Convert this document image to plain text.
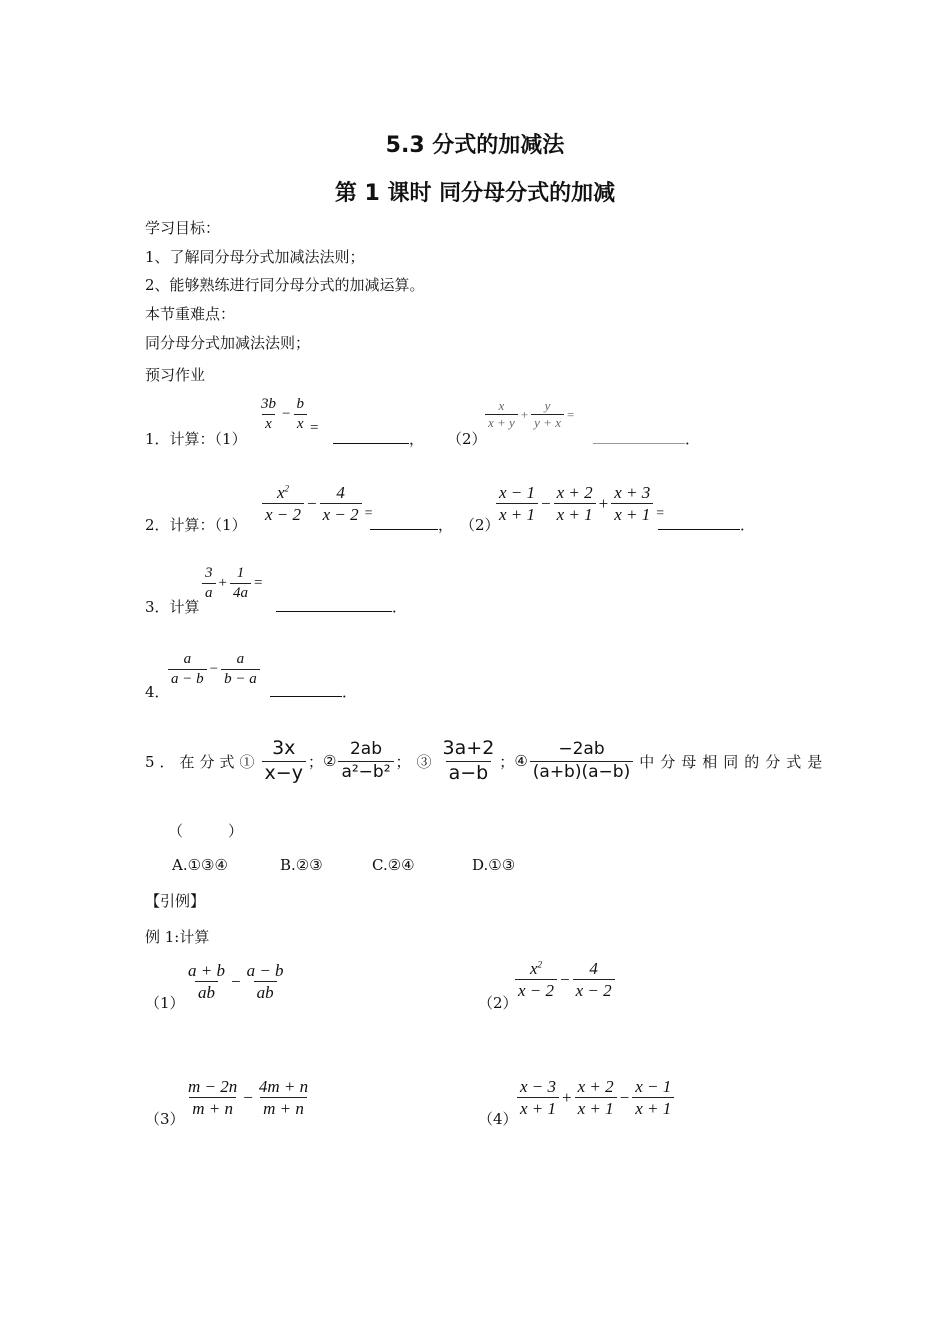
5.3 分式的加减法
第 1 课时 同分母分式的加减
学习目标：
1、了解同分母分式加减法法则；
2、能够熟练进行同分母分式的加减运算。
本节重难点：
同分母分式加减法法则；
预习作业
1．计算：（1）
$\frac{3b}{x} - \frac{b}{x}$ =
， （2）
$\frac{x}{x + y} + \frac{y}{y + x}$ =
．
2．计算：$(1) \frac{x^2}{x - 2} - \frac{4}{x - 2}$ =
， （2）
$\frac{x - 1}{x + 1} - \frac{x + 2}{x + 1} + \frac{x + 3}{x + 1}$ =
．
3．计算
$\frac{3}{a} + \frac{1}{4a}$ =
．
4．
$\frac{a}{a - b} - \frac{a}{b - a}$
．
5．在分式① $\frac{3x}{x-y}$ ； ② $\frac{2ab}{\text{a²−b²}}$ ；③ $\frac{3a+2}{a-b}$ ； ④ $\frac{-2ab}{(a+b)(a-b)}$ 中分母相同的分式是
（　　　）
A.①③④	B.②③	C.②④	D.①③
【引例】
例 1:计算
$(1) \frac{a + b}{ab} - \frac{a - b}{ab}$	（2）
$\frac{x^2}{x - 2} - \frac{4}{x - 2}$
$(3) \frac{m - 2n}{m + n} - \frac{4m + n}{m + n}$	$(4) \frac{x - 3}{x + 1} + \frac{x + 2}{x + 1} - \frac{x - 1}{x + 1}$
